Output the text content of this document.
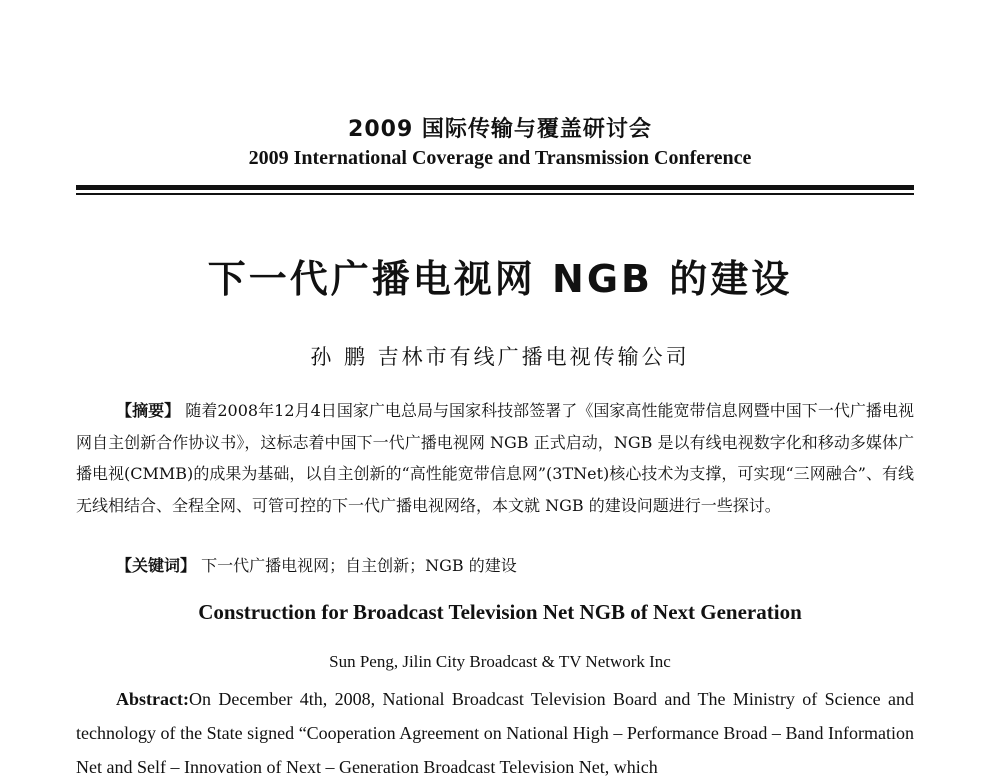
2009 国际传输与覆盖研讨会
2009 International Coverage and Transmission Conference
下一代广播电视网 NGB 的建设
孙 鹏 吉林市有线广播电视传输公司
【摘要】 随着2008年12月4日国家广电总局与国家科技部签署了《国家高性能宽带信息网暨中国下一代广播电视网自主创新合作协议书》，这标志着中国下一代广播电视网 NGB 正式启动，NGB 是以有线电视数字化和移动多媒体广播电视(CMMB)的成果为基础，以自主创新的“高性能宽带信息网”(3TNet)核心技术为支撑，可实现“三网融合”、有线无线相结合、全程全网、可管可控的下一代广播电视网络，本文就 NGB 的建设问题进行一些探讨。
【关键词】 下一代广播电视网；自主创新；NGB 的建设
Construction for Broadcast Television Net NGB of Next Generation
Sun Peng, Jilin City Broadcast & TV Network Inc
Abstract:On December 4th, 2008, National Broadcast Television Board and The Ministry of Science and technology of the State signed “Cooperation Agreement on National High – Performance Broad – Band Information Net and Self – Innovation of Next – Generation Broadcast Television Net, which
